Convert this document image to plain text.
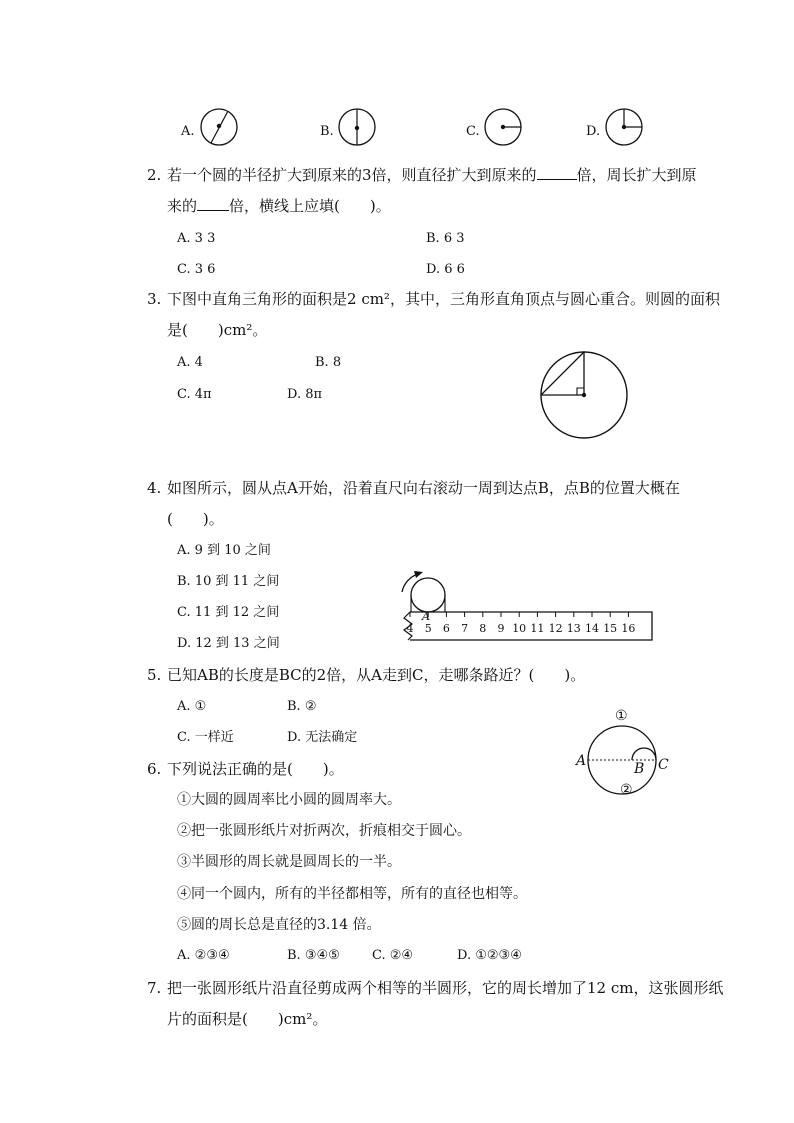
A.	B.	C.	D.
2. 若一个圆的半径扩大到原来的3倍，则直径扩大到原来的	倍，周长扩大到原
来的 倍，横线上应填(　　)。
A. 3 3	B. 6 3
C. 3 6	D. 6 6
3. 下图中直角三角形的面积是2 cm²，其中，三角形直角顶点与圆心重合。则圆的面积
是(　　)cm²。
A. 4	B. 8
C. 4π	D. 8π
4. 如图所示，圆从点A开始，沿着直尺向右滚动一周到达点B，点B的位置大概在
(　　)。
A. 9 到 10 之间
B. 10 到 11 之间
C. 11 到 12 之间
D. 12 到 13 之间
A
4 5 6 7 8 9 10 11 12 13 14 15 16
5. 已知AB的长度是BC的2倍，从A走到C，走哪条路近？(　　)。
A. ①	B. ②
C. 一样近	D. 无法确定
①
②
A	B C
6. 下列说法正确的是(　　)。
①大圆的圆周率比小圆的圆周率大。
②把一张圆形纸片对折两次，折痕相交于圆心。
③半圆形的周长就是圆周长的一半。
④同一个圆内，所有的半径都相等，所有的直径也相等。
⑤圆的周长总是直径的3.14 倍。
A. ②③④	B. ③④⑤ C. ②④	D. ①②③④
7. 把一张圆形纸片沿直径剪成两个相等的半圆形，它的周长增加了12 cm，这张圆形纸
片的面积是(　　)cm²。
